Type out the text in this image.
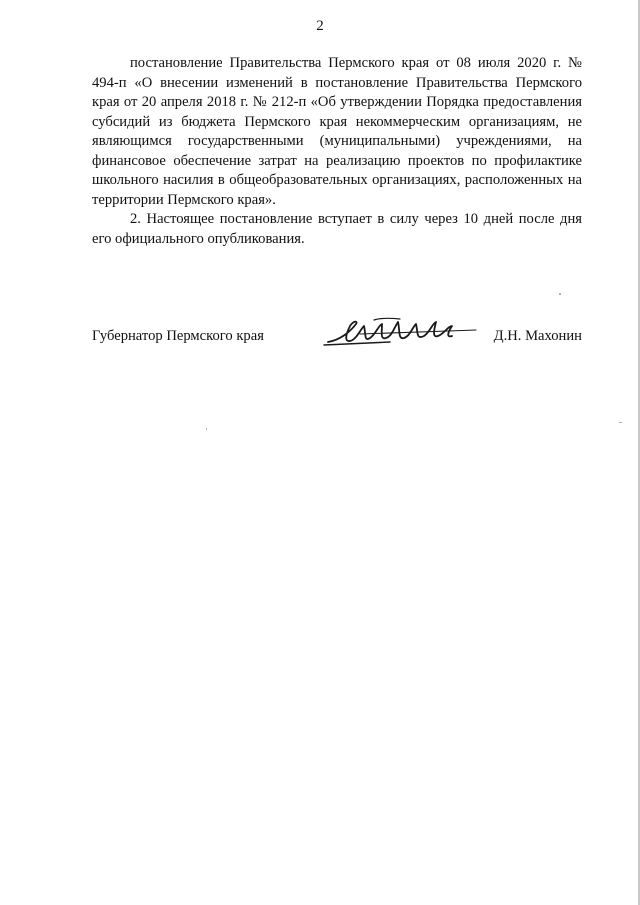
2

постановление Правительства Пермского края от 08 июля 2020 г. № 494-п «О внесении изменений в постановление Правительства Пермского края от 20 апреля 2018 г. № 212-п «Об утверждении Порядка предоставления субсидий из бюджета Пермского края некоммерческим организациям, не являющимся государственными (муниципальными) учреждениями, на финансовое обеспечение затрат на реализацию проектов по профилактике школьного насилия в общеобразовательных организациях, расположенных на территории Пермского края».

2. Настоящее постановление вступает в силу через 10 дней после дня его официального опубликования.

Губернатор Пермского края	Д.Н. Махонин
